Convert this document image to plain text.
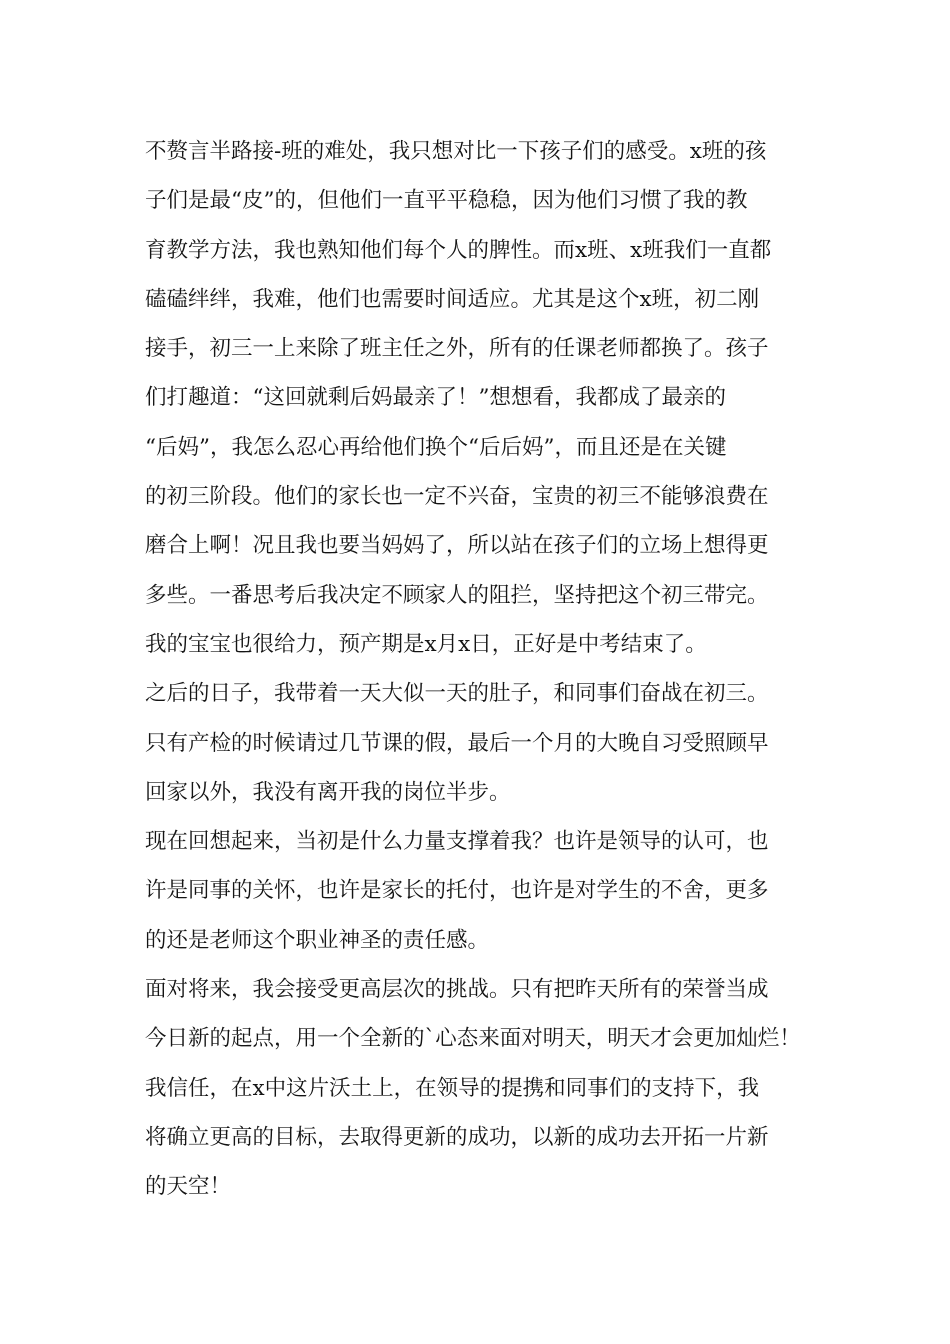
不赘言半路接-班的难处，我只想对比一下孩子们的感受。x班的孩
子们是最“皮”的，但他们一直平平稳稳，因为他们习惯了我的教
育教学方法，我也熟知他们每个人的脾性。而x班、x班我们一直都
磕磕绊绊，我难，他们也需要时间适应。尤其是这个x班，初二刚
接手，初三一上来除了班主任之外，所有的任课老师都换了。孩子
们打趣道：“这回就剩后妈最亲了！”想想看，我都成了最亲的
“后妈”，我怎么忍心再给他们换个“后后妈”，而且还是在关键
的初三阶段。他们的家长也一定不兴奋，宝贵的初三不能够浪费在
磨合上啊！况且我也要当妈妈了，所以站在孩子们的立场上想得更
多些。一番思考后我决定不顾家人的阻拦，坚持把这个初三带完。
我的宝宝也很给力，预产期是x月x日，正好是中考结束了。
之后的日子，我带着一天大似一天的肚子，和同事们奋战在初三。
只有产检的时候请过几节课的假，最后一个月的大晚自习受照顾早
回家以外，我没有离开我的岗位半步。
现在回想起来，当初是什么力量支撑着我？也许是领导的认可，也
许是同事的关怀，也许是家长的托付，也许是对学生的不舍，更多
的还是老师这个职业神圣的责任感。
面对将来，我会接受更高层次的挑战。只有把昨天所有的荣誉当成
今日新的起点，用一个全新的`心态来面对明天，明天才会更加灿烂！
我信任，在x中这片沃土上，在领导的提携和同事们的支持下，我
将确立更高的目标，去取得更新的成功，以新的成功去开拓一片新
的天空！
